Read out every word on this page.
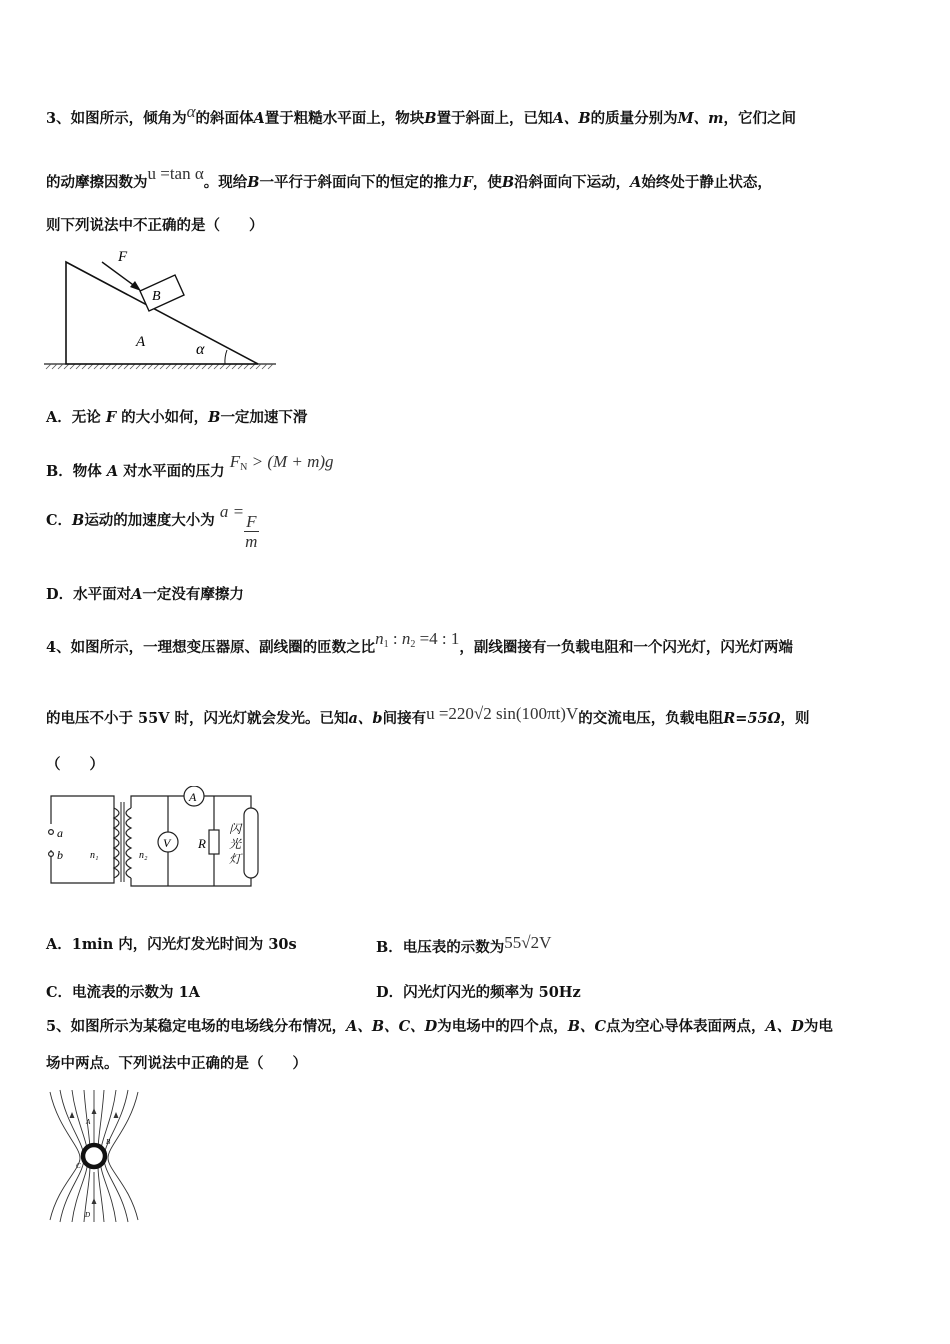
3、如图所示，倾角为α的斜面体A置于粗糙水平面上，物块B置于斜面上，已知A、B的质量分别为M、m，它们之间
的动摩擦因数为u =tan α。现给B一平行于斜面向下的恒定的推力F，使B沿斜面向下运动，A始终处于静止状态，
则下列说法中不正确的是（　　）
F
B
A	α
A．无论 F 的大小如何，B一定加速下滑
B．物体 A 对水平面的压力 $F_N > (M + m)g$
C．B运动的加速度大小为 a =
$\frac{F}{m}$
D．水平面对A一定没有摩擦力
4、如图所示，一理想变压器原、副线圈的匝数之比$n_1$ : $n_2 =4$ : 1，副线圈接有一负载电阻和一个闪光灯，闪光灯两端
的电压不小于 55V 时，闪光灯就会发光。已知a、b间接有u =220√2 sin(100πt)V的交流电压，负载电阻R=55Ω，则
（　　）
a
b	n₁	n₂
A
V R
闪
光
灯
A．1min 内，闪光灯发光时间为 30s	B．电压表的示数为55√2V
C．电流表的示数为 1A	D．闪光灯闪光的频率为 50Hz
5、如图所示为某稳定电场的电场线分布情况，A、B、C、D为电场中的四个点，B、C点为空心导体表面两点，A、D为电
场中两点。下列说法中正确的是（　　）
A
B
C
D
